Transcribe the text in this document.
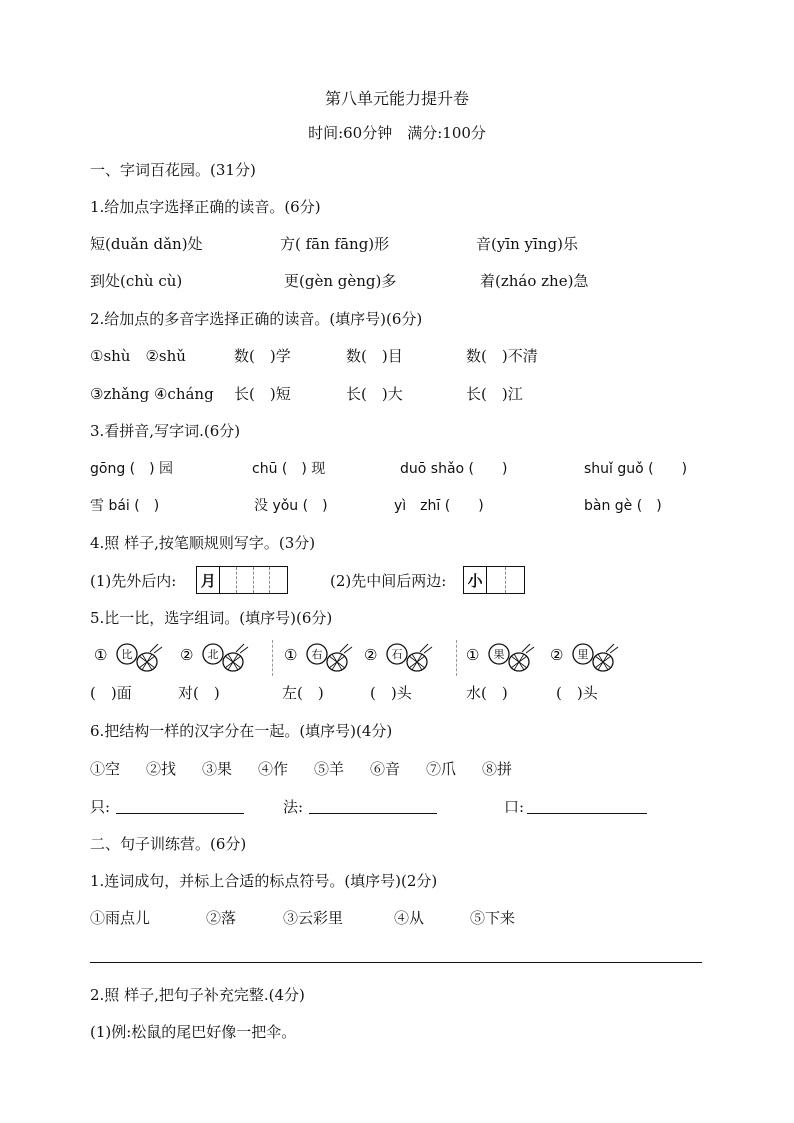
第八单元能力提升卷
时间:60分钟　满分:100分
一、字词百花园。(31分)
1.给加点字选择正确的读音。(6分)
短(duǎn dǎn)处	方( fān fāng)形	音(yīn yīng)乐
到处(chù cù)	更(gèn gèng)多	着(zháo zhe)急
2.给加点的多音字选择正确的读音。(填序号)(6分)
①shù　②shǔ	数(　)学	数(　)目	数(　)不清
③zhǎng ④cháng 长(　)短	长(　)大	长(　)江
3.看拼音,写字词.(6分)
gōng (　) 园	chū (　) 现	duō shǎo (　　)	shuǐ guǒ (　　)
雪 bái (　)	没 yǒu (　)	yì　zhī (　　)	bàn gè (　)
4.照 样子,按笔顺规则写字。(3分)
(1)先外后内: 月	(2)先中间后两边: 小
5.比一比，选字组词。(填序号)(6分)
① 比	② 北	① 右	② 石	① 果	② 里
(　)面	对(　)	左(　)	(　)头	水(　)	(　)头
6.把结构一样的汉字分在一起。(填序号)(4分)
①空 ②找 ③果 ④作 ⑤羊 ⑥音 ⑦爪 ⑧拼
只:	法:	口:
二、句子训练营。(6分)
1.连词成句，并标上合适的标点符号。(填序号)(2分)
①雨点儿	②落	③云彩里	④从	⑤下来
2.照 样子,把句子补充完整.(4分)
(1)例:松鼠的尾巴好像一把伞。
